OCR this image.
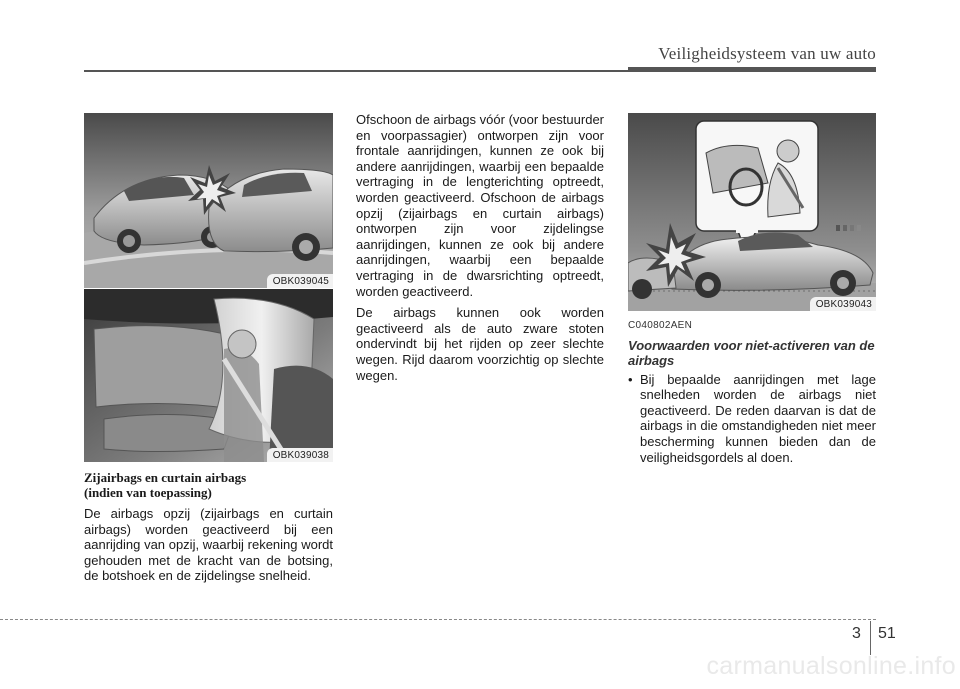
Veiligheidsysteem van uw auto
OBK039045
OBK039038
OBK039043
Zijairbags en curtain airbags
(indien van toepassing)

De airbags opzij (zijairbags en curtain airbags) worden geactiveerd bij een aanrijding van opzij, waarbij rekening wordt gehouden met de kracht van de botsing, de botshoek en de zijdelingse snelheid.

Ofschoon de airbags vóór (voor bestuurder en voorpassagier) ontworpen zijn voor frontale aanrijdingen, kunnen ze ook bij andere aanrijdingen, waarbij een bepaalde vertraging in de lengterichting optreedt, worden geactiveerd. Ofschoon de airbags opzij (zijairbags en curtain airbags) ontworpen zijn voor zijdelingse aanrijdingen, kunnen ze ook bij andere aanrijdingen, waarbij een bepaalde vertraging in de dwarsrichting optreedt, worden geactiveerd.

De airbags kunnen ook worden geactiveerd als de auto zware stoten ondervindt bij het rijden op zeer slechte wegen. Rijd daarom voorzichtig op slechte wegen.

C040802AEN
Voorwaarden voor niet-activeren van de airbags
• Bij bepaalde aanrijdingen met lage snelheden worden de airbags niet geactiveerd. De reden daarvan is dat de airbags in die omstandigheden niet meer bescherming kunnen bieden dan de veiligheidsgordels al doen.
3 51
carmanualsonline.info
